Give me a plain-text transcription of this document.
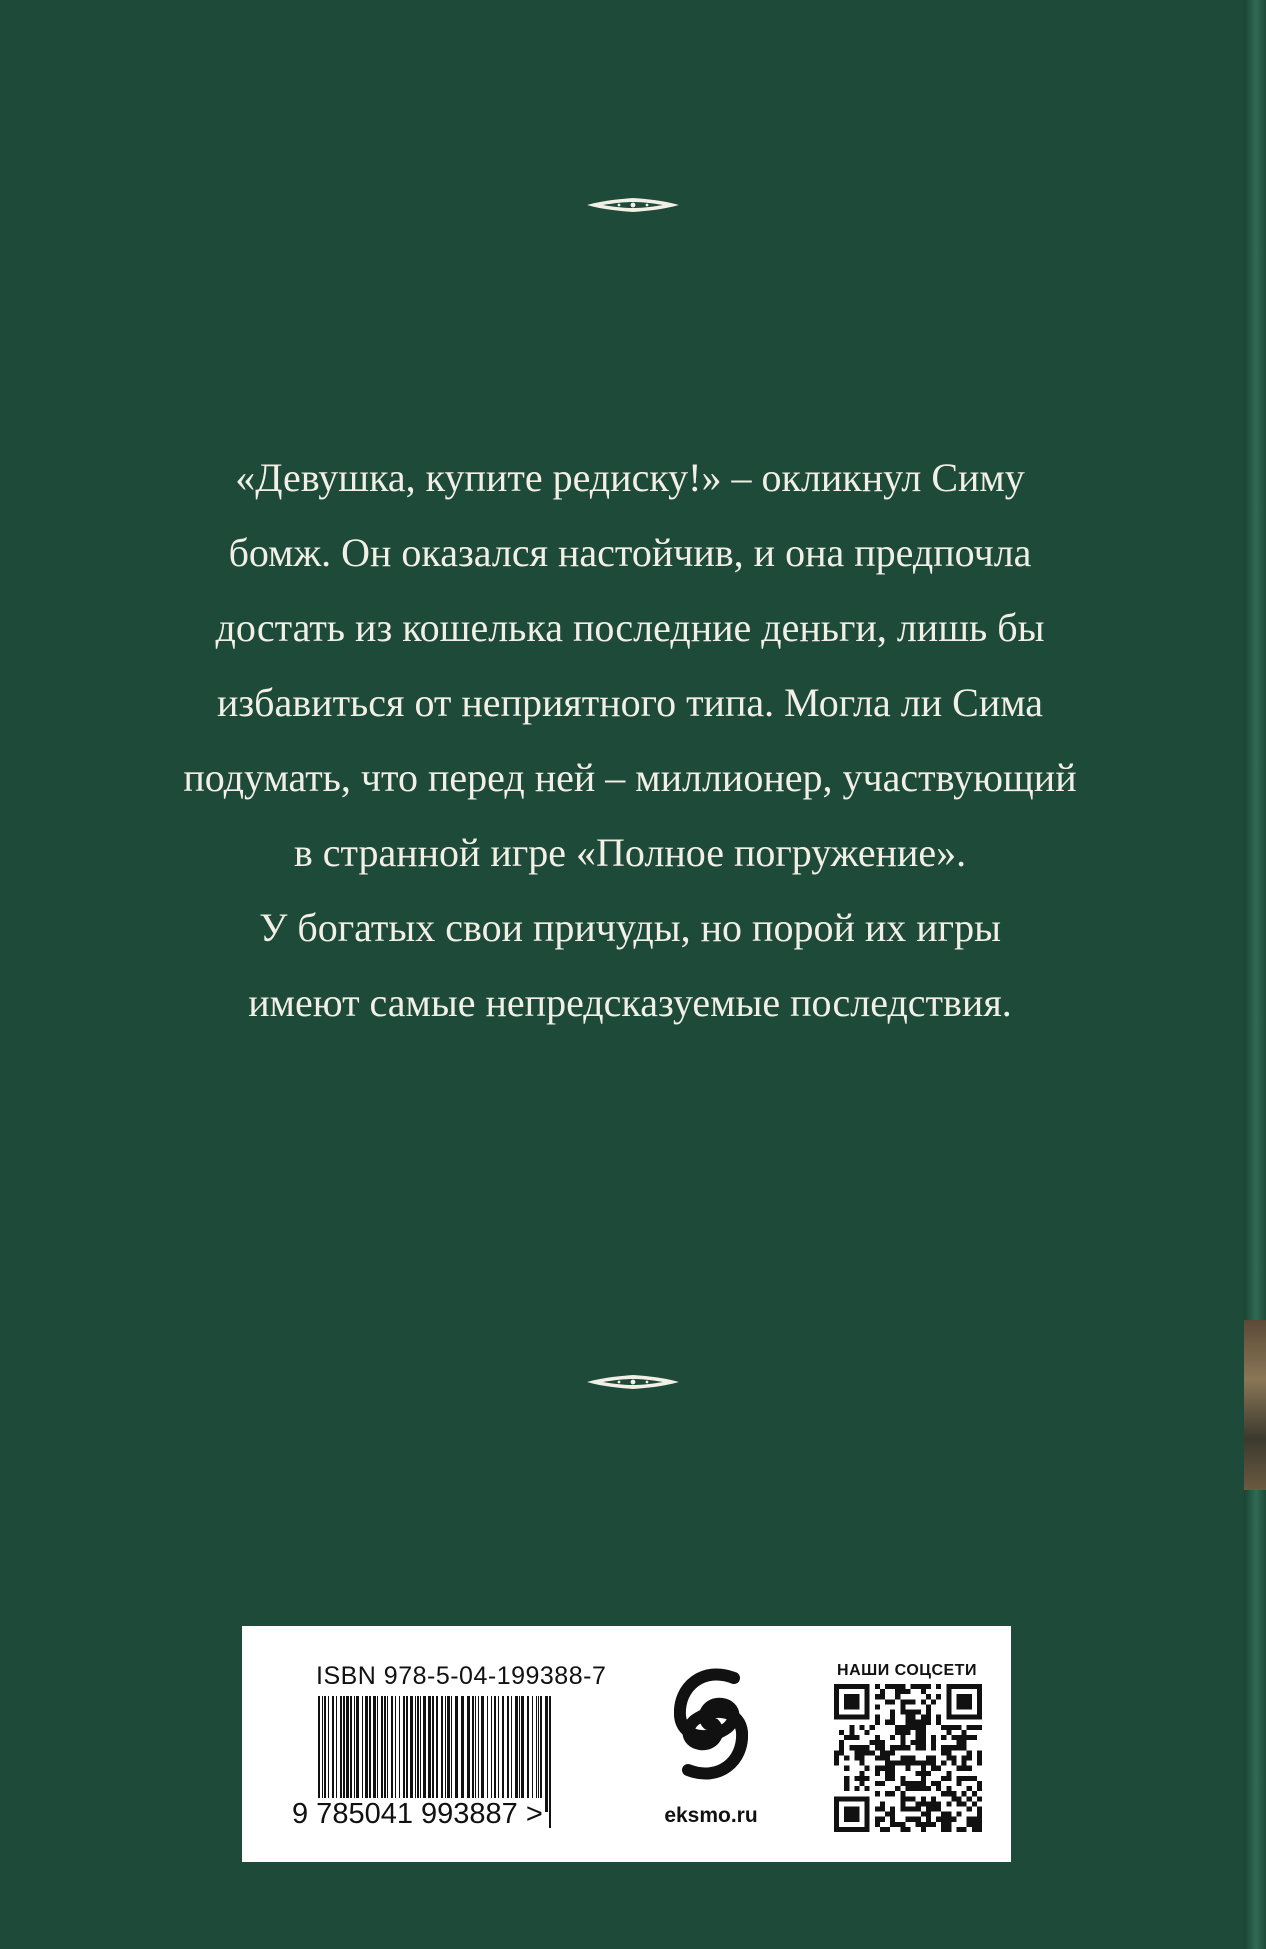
«Девушка, купите редиску!» – окликнул Симу
бомж. Он оказался настойчив, и она предпочла
достать из кошелька последние деньги, лишь бы
избавиться от неприятного типа. Могла ли Сима
подумать, что перед ней – миллионер, участвующий
в странной игре «Полное погружение».
У богатых свои причуды, но порой их игры
имеют самые непредсказуемые последствия.

ISBN 978-5-04-199388-7
9 785041 993887 >	eksmo.ru
НАШИ СОЦСЕТИ
